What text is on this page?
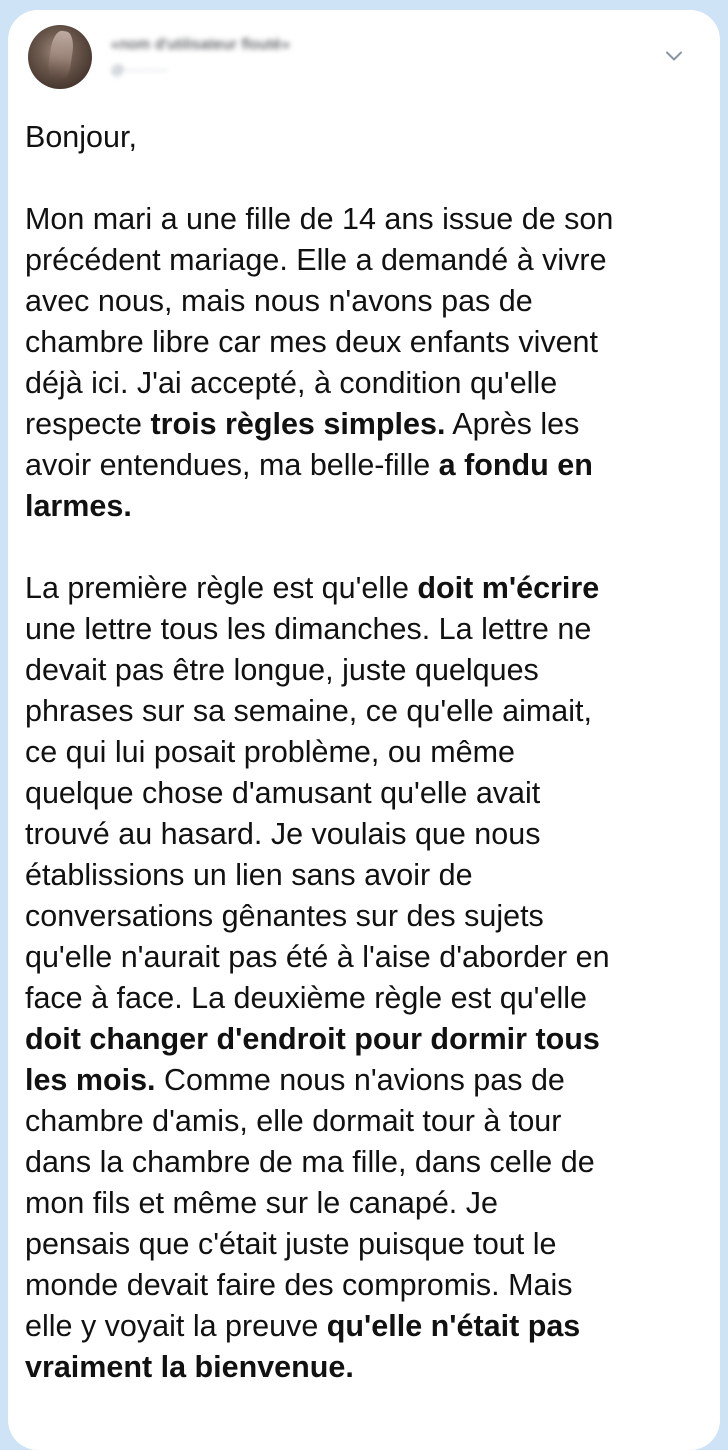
«nom d'utilisateur flouté»
@··········
Bonjour,
Mon mari a une fille de 14 ans issue de son
précédent mariage. Elle a demandé à vivre
avec nous, mais nous n'avons pas de
chambre libre car mes deux enfants vivent
déjà ici. J'ai accepté, à condition qu'elle
respecte trois règles simples. Après les
avoir entendues, ma belle-fille a fondu en
larmes.
La première règle est qu'elle doit m'écrire
une lettre tous les dimanches. La lettre ne
devait pas être longue, juste quelques
phrases sur sa semaine, ce qu'elle aimait,
ce qui lui posait problème, ou même
quelque chose d'amusant qu'elle avait
trouvé au hasard. Je voulais que nous
établissions un lien sans avoir de
conversations gênantes sur des sujets
qu'elle n'aurait pas été à l'aise d'aborder en
face à face. La deuxième règle est qu'elle
doit changer d'endroit pour dormir tous
les mois. Comme nous n'avions pas de
chambre d'amis, elle dormait tour à tour
dans la chambre de ma fille, dans celle de
mon fils et même sur le canapé. Je
pensais que c'était juste puisque tout le
monde devait faire des compromis. Mais
elle y voyait la preuve qu'elle n'était pas
vraiment la bienvenue.
